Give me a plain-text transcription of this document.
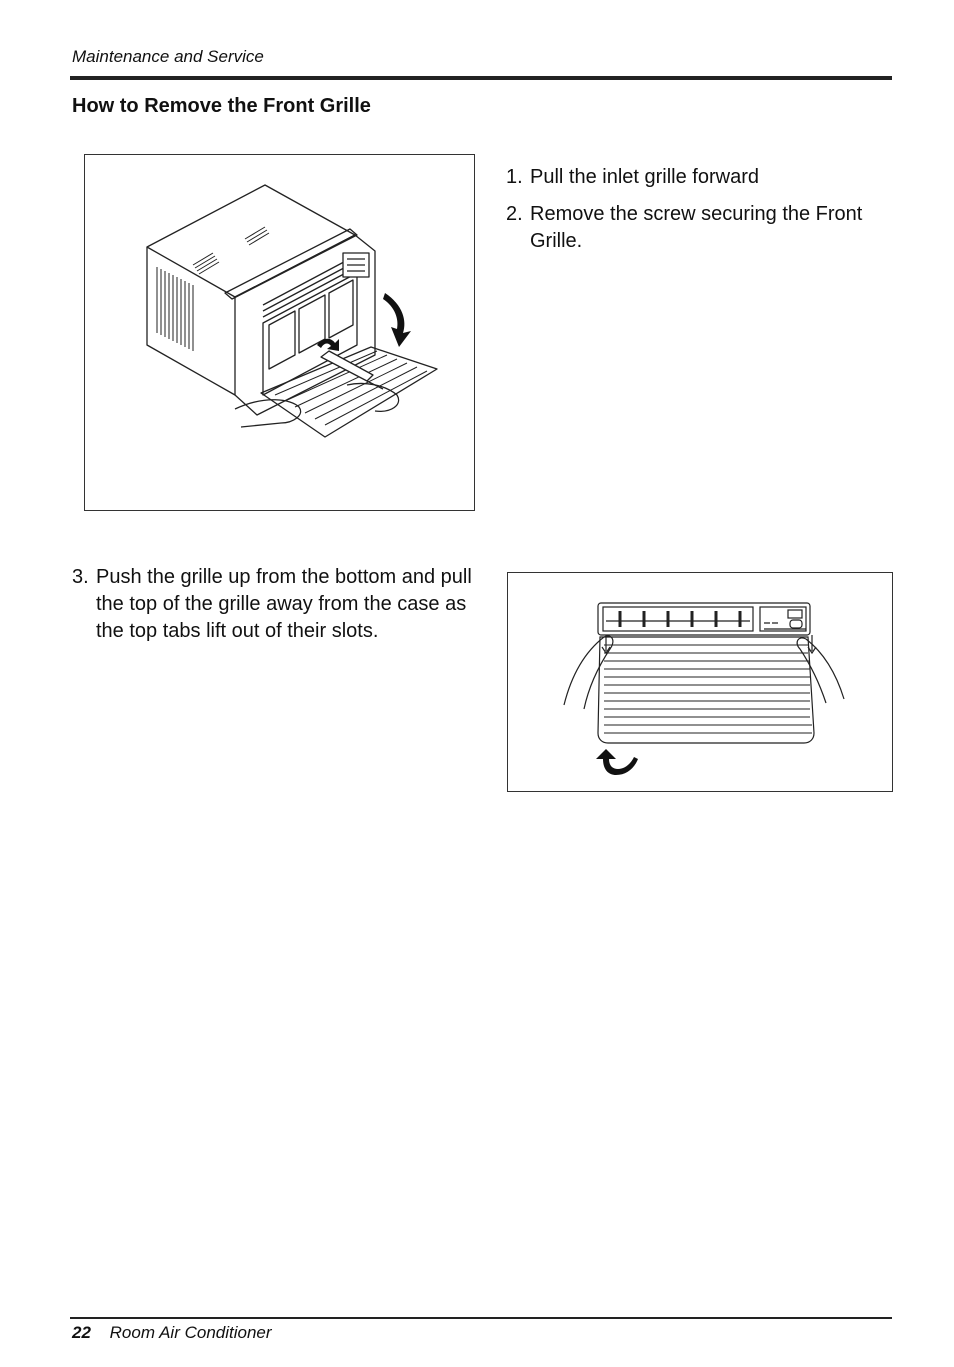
Maintenance and Service
How to Remove the Front Grille
1. Pull the inlet grille forward
2. Remove the screw securing the Front Grille.
3. Push the grille up from the bottom and pull the top of the grille away from the case as the top tabs lift out of their slots.
22 Room Air Conditioner
